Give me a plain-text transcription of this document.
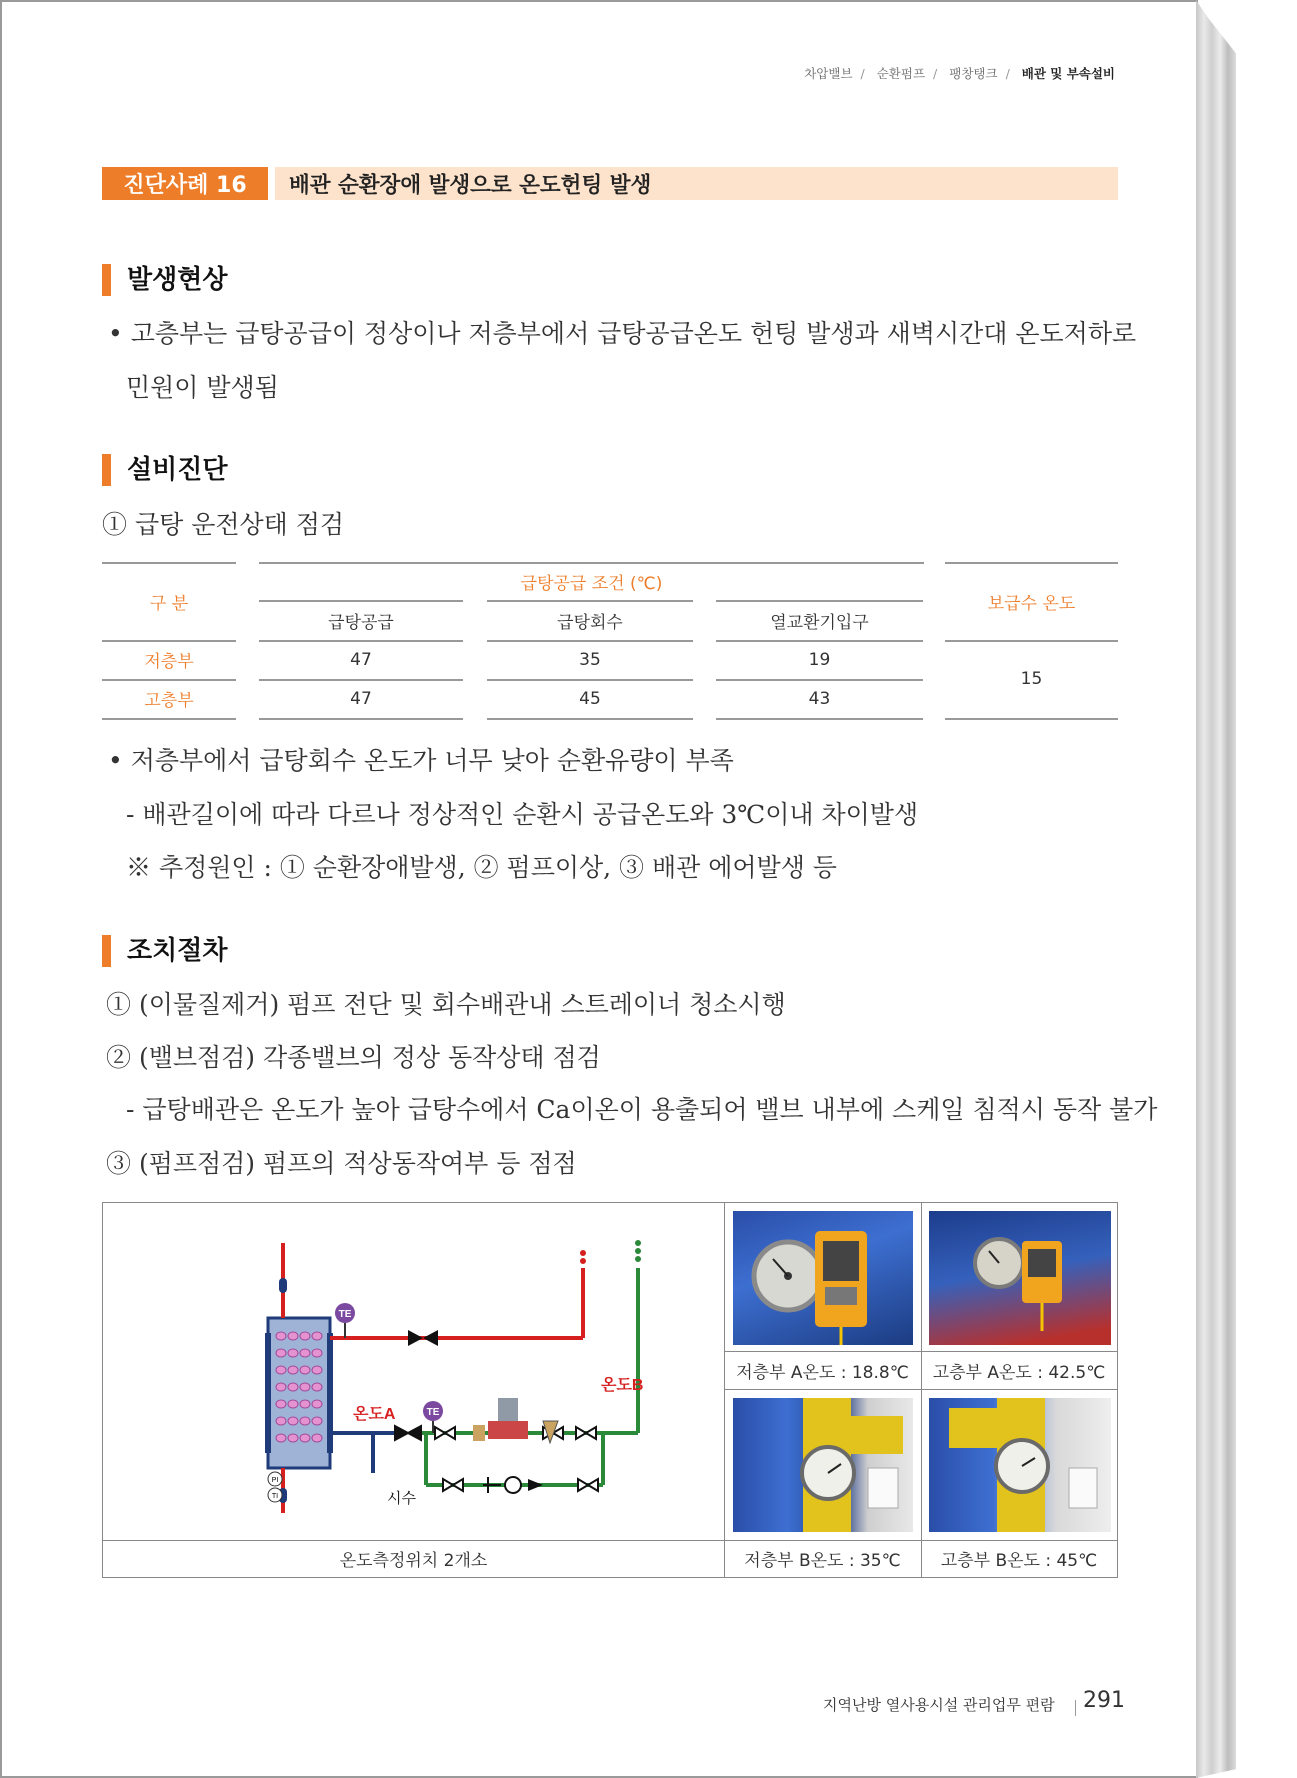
차압밸브 / 순환펌프 / 팽창탱크 / 배관 및 부속설비
진단사례 16	배관 순환장애 발생으로 온도헌팅 발생
발생현상
• 고층부는 급탕공급이 정상이나 저층부에서 급탕공급온도 헌팅 발생과 새벽시간대 온도저하로
민원이 발생됨
설비진단
① 급탕 운전상태 점검
구 분
급탕공급 조건 (℃)
보급수 온도
급탕공급	급탕회수	열교환기입구
저층부	47	35	19
고층부	47	45	43
15
• 저층부에서 급탕회수 온도가 너무 낮아 순환유량이 부족
- 배관길이에 따라 다르나 정상적인 순환시 공급온도와 3℃이내 차이발생
※ 추정원인 : ① 순환장애발생, ② 펌프이상, ③ 배관 에어발생 등
조치절차
① (이물질제거) 펌프 전단 및 회수배관내 스트레이너 청소시행
② (밸브점검) 각종밸브의 정상 동작상태 점검
- 급탕배관은 온도가 높아 급탕수에서 Ca이온이 용출되어 밸브 내부에 스케일 침적시 동작 불가
③ (펌프점검) 펌프의 적상동작여부 등 점점
TE
TE
PI
TI
온도A
온도B
시수
온도측정위치 2개소
저층부 A온도 : 18.8℃	고층부 A온도 : 42.5℃
저층부 B온도 : 35℃	고층부 B온도 : 45℃
지역난방 열사용시설 관리업무 편람 291
